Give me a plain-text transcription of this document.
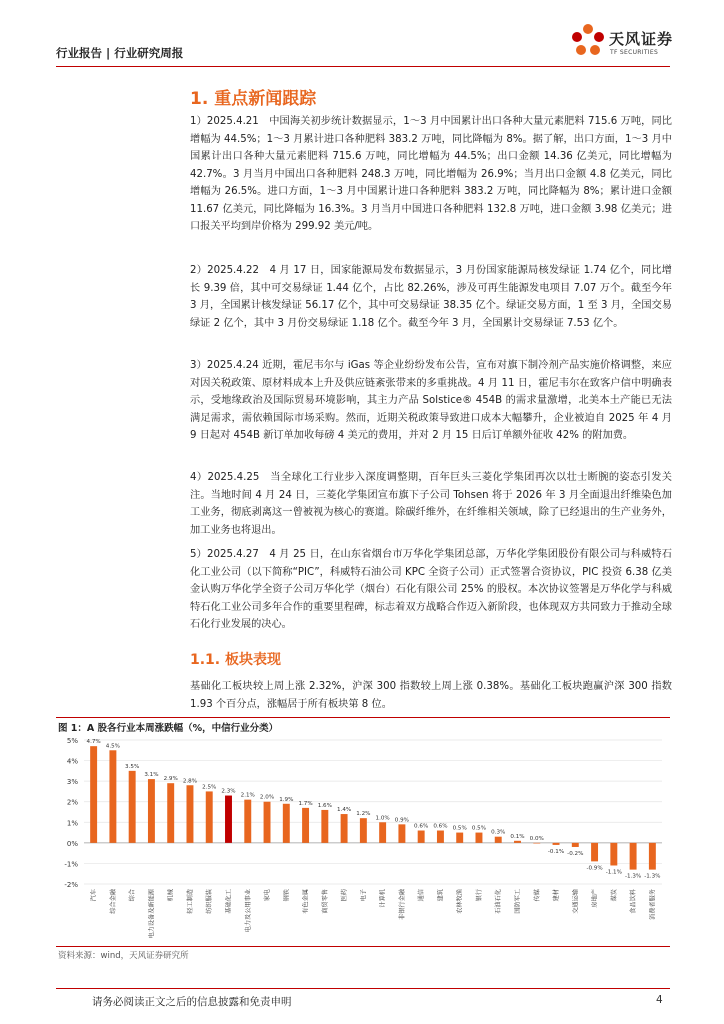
行业报告 | 行业研究周报
天风证券
TF SECURITIES
1. 重点新闻跟踪

1）2025.4.21　中国海关初步统计数据显示，1～3 月中国累计出口各种大量元素肥料 715.6 万吨，同比增幅为 44.5%；1～3 月累计进口各种肥料 383.2 万吨，同比降幅为 8%。据了解，出口方面，1～3 月中国累计出口各种大量元素肥料 715.6 万吨，同比增幅为 44.5%；出口金额 14.36 亿美元，同比增幅为 42.7%。3 月当月中国出口各种肥料 248.3 万吨，同比增幅为 26.9%；当月出口金额 4.8 亿美元，同比增幅为 26.5%。进口方面，1～3 月中国累计进口各种肥料 383.2 万吨，同比降幅为 8%；累计进口金额 11.67 亿美元，同比降幅为 16.3%。3 月当月中国进口各种肥料 132.8 万吨，进口金额 3.98 亿美元；进口报关平均到岸价格为 299.92 美元/吨。

2）2025.4.22　4 月 17 日，国家能源局发布数据显示，3 月份国家能源局核发绿证 1.74 亿个，同比增长 9.39 倍，其中可交易绿证 1.44 亿个，占比 82.26%，涉及可再生能源发电项目 7.07 万个。截至今年 3 月，全国累计核发绿证 56.17 亿个，其中可交易绿证 38.35 亿个。绿证交易方面，1 至 3 月，全国交易绿证 2 亿个，其中 3 月份交易绿证 1.18 亿个。截至今年 3 月，全国累计交易绿证 7.53 亿个。

3）2025.4.24 近期，霍尼韦尔与 iGas 等企业纷纷发布公告，宣布对旗下制冷剂产品实施价格调整，来应对因关税政策、原材料成本上升及供应链紊张带来的多重挑战。4 月 11 日，霍尼韦尔在致客户信中明确表示，受地缘政治及国际贸易环境影响，其主力产品 Solstice® 454B 的需求量激增，北美本土产能已无法满足需求，需依赖国际市场采购。然而，近期关税政策导致进口成本大幅攀升，企业被迫自 2025 年 4 月 9 日起对 454B 新订单加收每磅 4 美元的费用，并对 2 月 15 日后订单额外征收 42% 的附加费。

4）2025.4.25　当全球化工行业步入深度调整期，百年巨头三菱化学集团再次以壮士断腕的姿态引发关注。当地时间 4 月 24 日，三菱化学集团宣布旗下子公司 Tohsen 将于 2026 年 3 月全面退出纤维染色加工业务，彻底剥离这一曾被视为核心的赛道。除碳纤维外，在纤维相关领域，除了已经退出的生产业务外，加工业务也将退出。

5）2025.4.27　4 月 25 日，在山东省烟台市万华化学集团总部，万华化学集团股份有限公司与科威特石化工业公司（以下简称“PIC”，科威特石油公司 KPC 全资子公司）正式签署合资协议，PIC 投资 6.38 亿美金认购万华化学全资子公司万华化学（烟台）石化有限公司 25% 的股权。本次协议签署是万华化学与科威特石化工业公司多年合作的重要里程碑，标志着双方战略合作迈入新阶段，也体现双方共同致力于推动全球石化行业发展的决心。

1.1. 板块表现

基础化工板块较上周上涨 2.32%，沪深 300 指数较上周上涨 0.38%。基础化工板块跑赢沪深 300 指数 1.93 个百分点，涨幅居于所有板块第 8 位。

图 1：A 股各行业本周涨跌幅（%，中信行业分类）
-2%
-1%
0%
1%
2%
3%
4%
5% 4.7%
汽车
4.5%
综合金融
3.5%
综合
3.1%
电力设备及新能源
2.9%
机械
2.8%
轻工制造
2.5%
纺织服装
2.3%
基础化工
2.1%
电力及公用事业
2.0%
家电
1.9%
钢铁
1.7%
有色金属
1.6%
商贸零售
1.4%
医药
1.2%
电子
1.0%
计算机
0.9%
非银行金融
0.6%
通信
0.6%
建筑
0.5%
农林牧渔
0.5%
银行
0.3%
石油石化
0.1%
国防军工
0.0%
传媒
-0.1%
建材
-0.2%
交通运输
-0.9%
房地产
-1.1%
煤炭
-1.3%
食品饮料
-1.3%
消费者服务
资料来源：wind，天风证券研究所
请务必阅读正文之后的信息披露和免责申明	4
